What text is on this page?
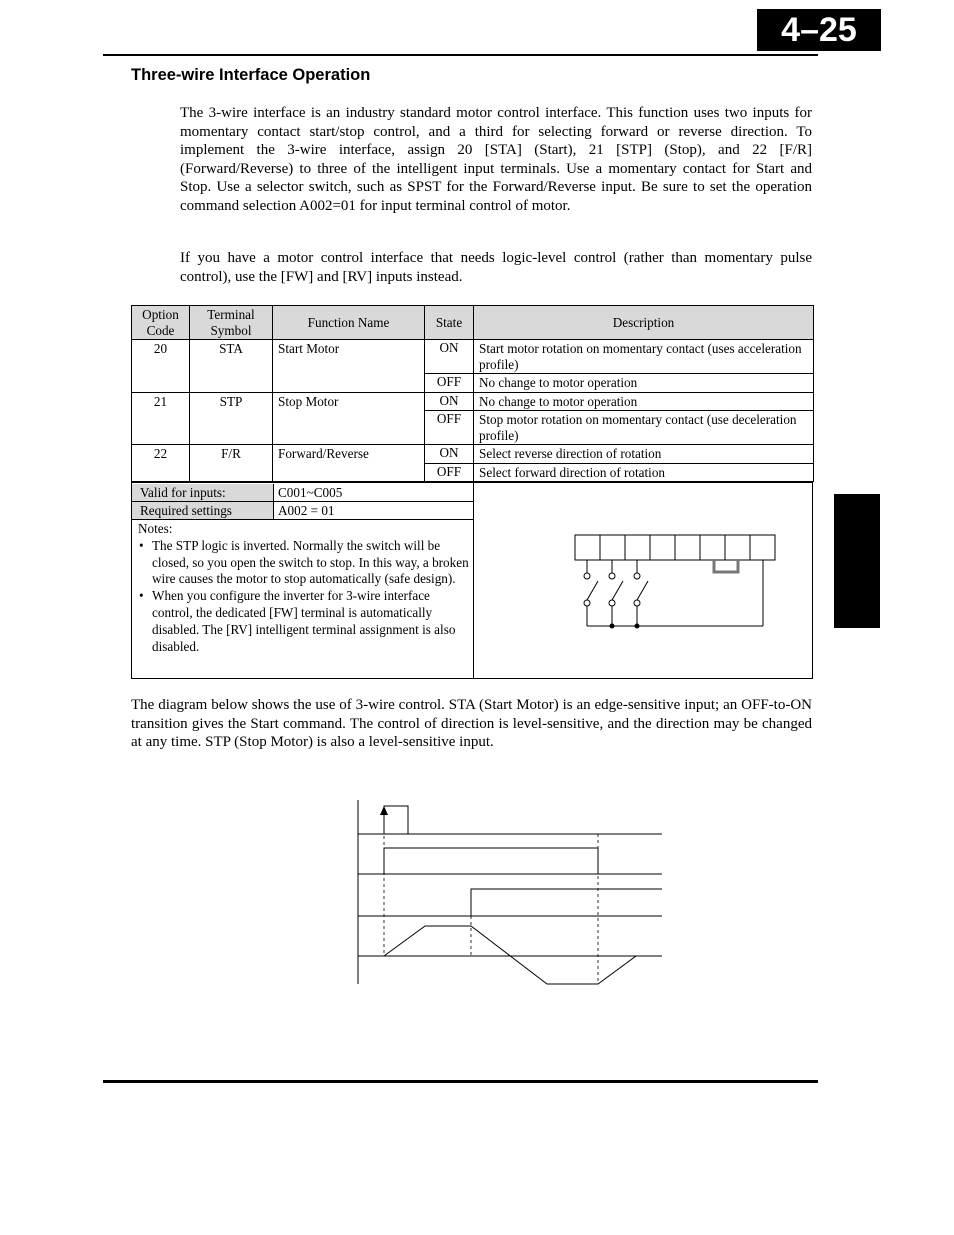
4–25
Three-wire Interface Operation

The 3-wire interface is an industry standard motor control interface. This function uses two inputs for momentary contact start/stop control, and a third for selecting forward or reverse direction. To implement the 3-wire interface, assign 20 [STA] (Start), 21 [STP] (Stop), and 22 [F/R] (Forward/Reverse) to three of the intelligent input terminals. Use a momentary contact for Start and Stop. Use a selector switch, such as SPST for the Forward/Reverse input. Be sure to set the operation command selection A002=01 for input terminal control of motor.

If you have a motor control interface that needs logic-level control (rather than momentary pulse control), use the [FW] and [RV] inputs instead.

Option Code	Terminal Symbol	Function Name	State	Description
20	STA	Start Motor	ON	Start motor rotation on momentary contact (uses acceleration profile)
			OFF	No change to motor operation
21	STP	Stop Motor	ON	No change to motor operation
			OFF	Stop motor rotation on momentary contact (use deceleration profile)
22	F/R	Forward/Reverse	ON	Select reverse direction of rotation
			OFF	Select forward direction of rotation
Valid for inputs:	C001~C005
Required settings	A002 = 01
Notes:
• The STP logic is inverted. Normally the switch will be closed, so you open the switch to stop. In this way, a broken wire causes the motor to stop automatically (safe design).
• When you configure the inverter for 3-wire interface control, the dedicated [FW] terminal is automatically disabled. The [RV] intelligent terminal assignment is also disabled.

The diagram below shows the use of 3-wire control. STA (Start Motor) is an edge-sensitive input; an OFF-to-ON transition gives the Start command. The control of direction is level-sensitive, and the direction may be changed at any time. STP (Stop Motor) is also a level-sensitive input.
